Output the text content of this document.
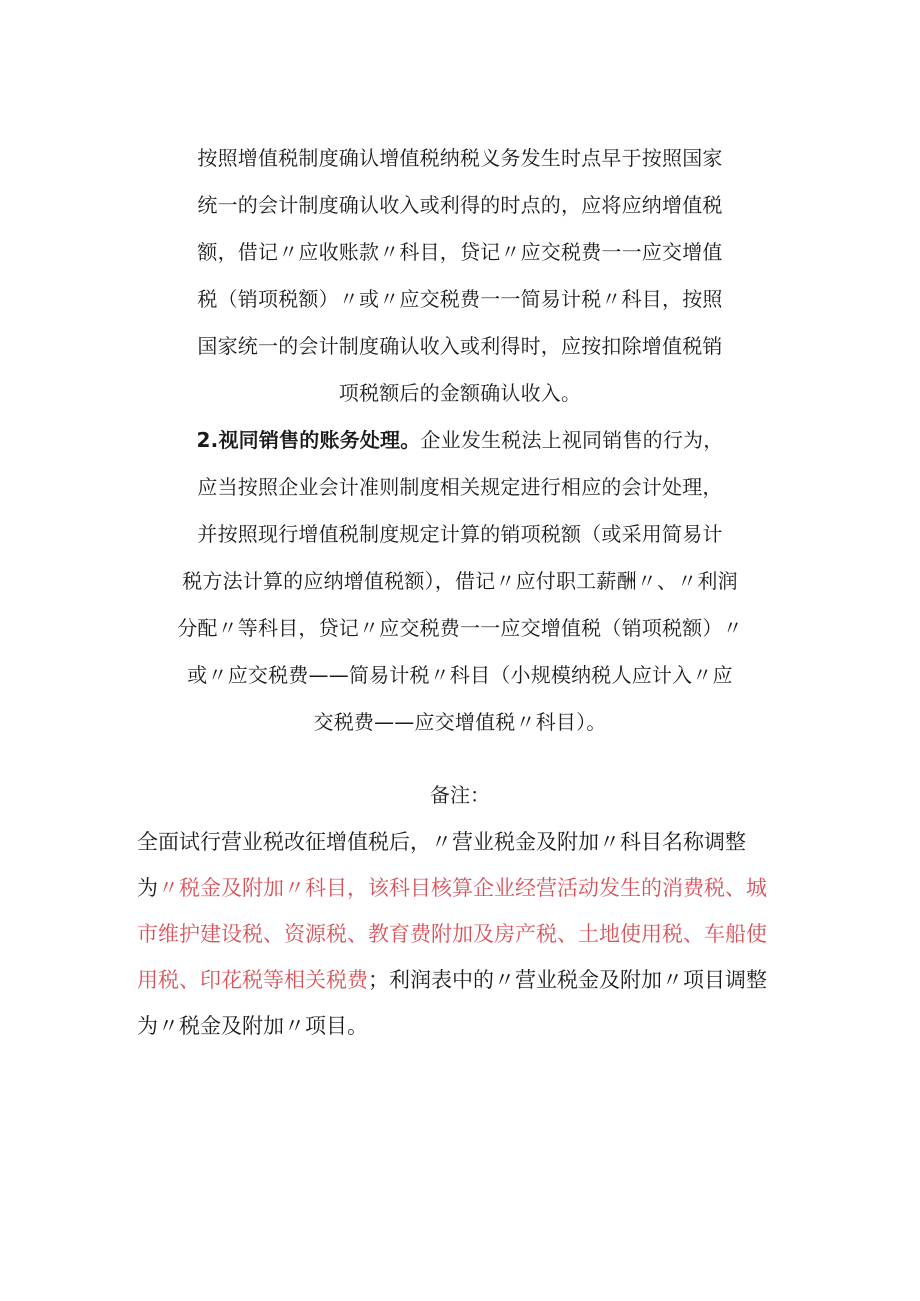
按照增值税制度确认增值税纳税义务发生时点早于按照国家
统一的会计制度确认收入或利得的时点的，应将应纳增值税
额，借记〃应收账款〃科目，贷记〃应交税费一一应交增值
税（销项税额）〃或〃应交税费一一简易计税〃科目，按照
国家统一的会计制度确认收入或利得时，应按扣除增值税销
项税额后的金额确认收入。
2.视同销售的账务处理。企业发生税法上视同销售的行为，
应当按照企业会计准则制度相关规定进行相应的会计处理，
并按照现行增值税制度规定计算的销项税额（或采用简易计
税方法计算的应纳增值税额），借记〃应付职工薪酬〃、〃利润
分配〃等科目，贷记〃应交税费一一应交增值税（销项税额）〃
或〃应交税费——简易计税〃科目（小规模纳税人应计入〃应
交税费——应交增值税〃科目）。
备注：
全面试行营业税改征增值税后，〃营业税金及附加〃科目名称调整
为〃税金及附加〃科目，该科目核算企业经营活动发生的消费税、城
市维护建设税、资源税、教育费附加及房产税、土地使用税、车船使
用税、印花税等相关税费；利润表中的〃营业税金及附加〃项目调整
为〃税金及附加〃项目。
